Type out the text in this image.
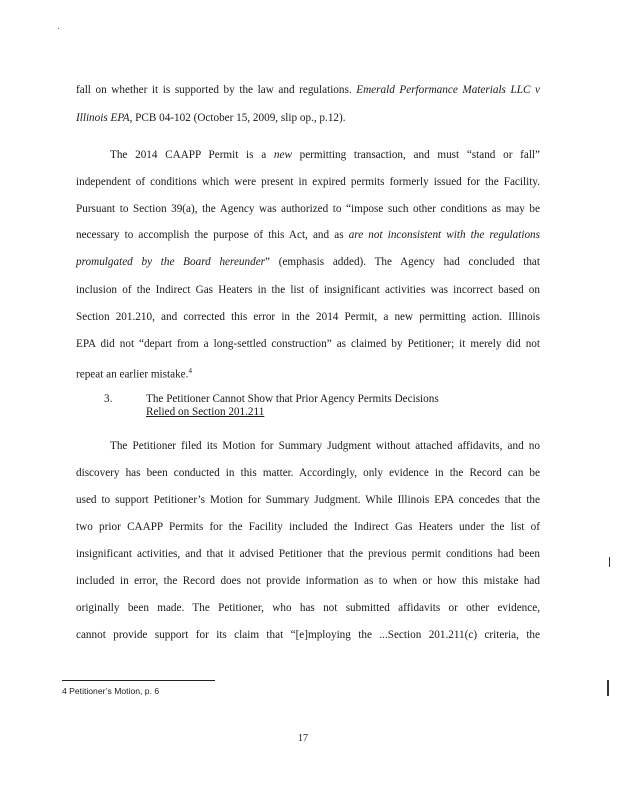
fall on whether it is supported by the law and regulations. Emerald Performance Materials LLC v
Illinois EPA, PCB 04-102 (October 15, 2009, slip op., p.12).
The 2014 CAAPP Permit is a new permitting transaction, and must “stand or fall”
independent of conditions which were present in expired permits formerly issued for the Facility.
Pursuant to Section 39(a), the Agency was authorized to “impose such other conditions as may be
necessary to accomplish the purpose of this Act, and as are not inconsistent with the regulations
promulgated by the Board hereunder” (emphasis added). The Agency had concluded that
inclusion of the Indirect Gas Heaters in the list of insignificant activities was incorrect based on
Section 201.210, and corrected this error in the 2014 Permit, a new permitting action. Illinois
EPA did not “depart from a long-settled construction” as claimed by Petitioner; it merely did not
repeat an earlier mistake.$^4$
3.	The Petitioner Cannot Show that Prior Agency Permits Decisions
Relied on Section 201.211
The Petitioner filed its Motion for Summary Judgment without attached affidavits, and no
discovery has been conducted in this matter. Accordingly, only evidence in the Record can be
used to support Petitioner’s Motion for Summary Judgment. While Illinois EPA concedes that the
two prior CAAPP Permits for the Facility included the Indirect Gas Heaters under the list of
insignificant activities, and that it advised Petitioner that the previous permit conditions had been
included in error, the Record does not provide information as to when or how this mistake had
originally been made. The Petitioner, who has not submitted affidavits or other evidence,
cannot provide support for its claim that “[e]mploying the ...Section 201.211(c) criteria, the
4 Petitioner’s Motion, p. 6
17
